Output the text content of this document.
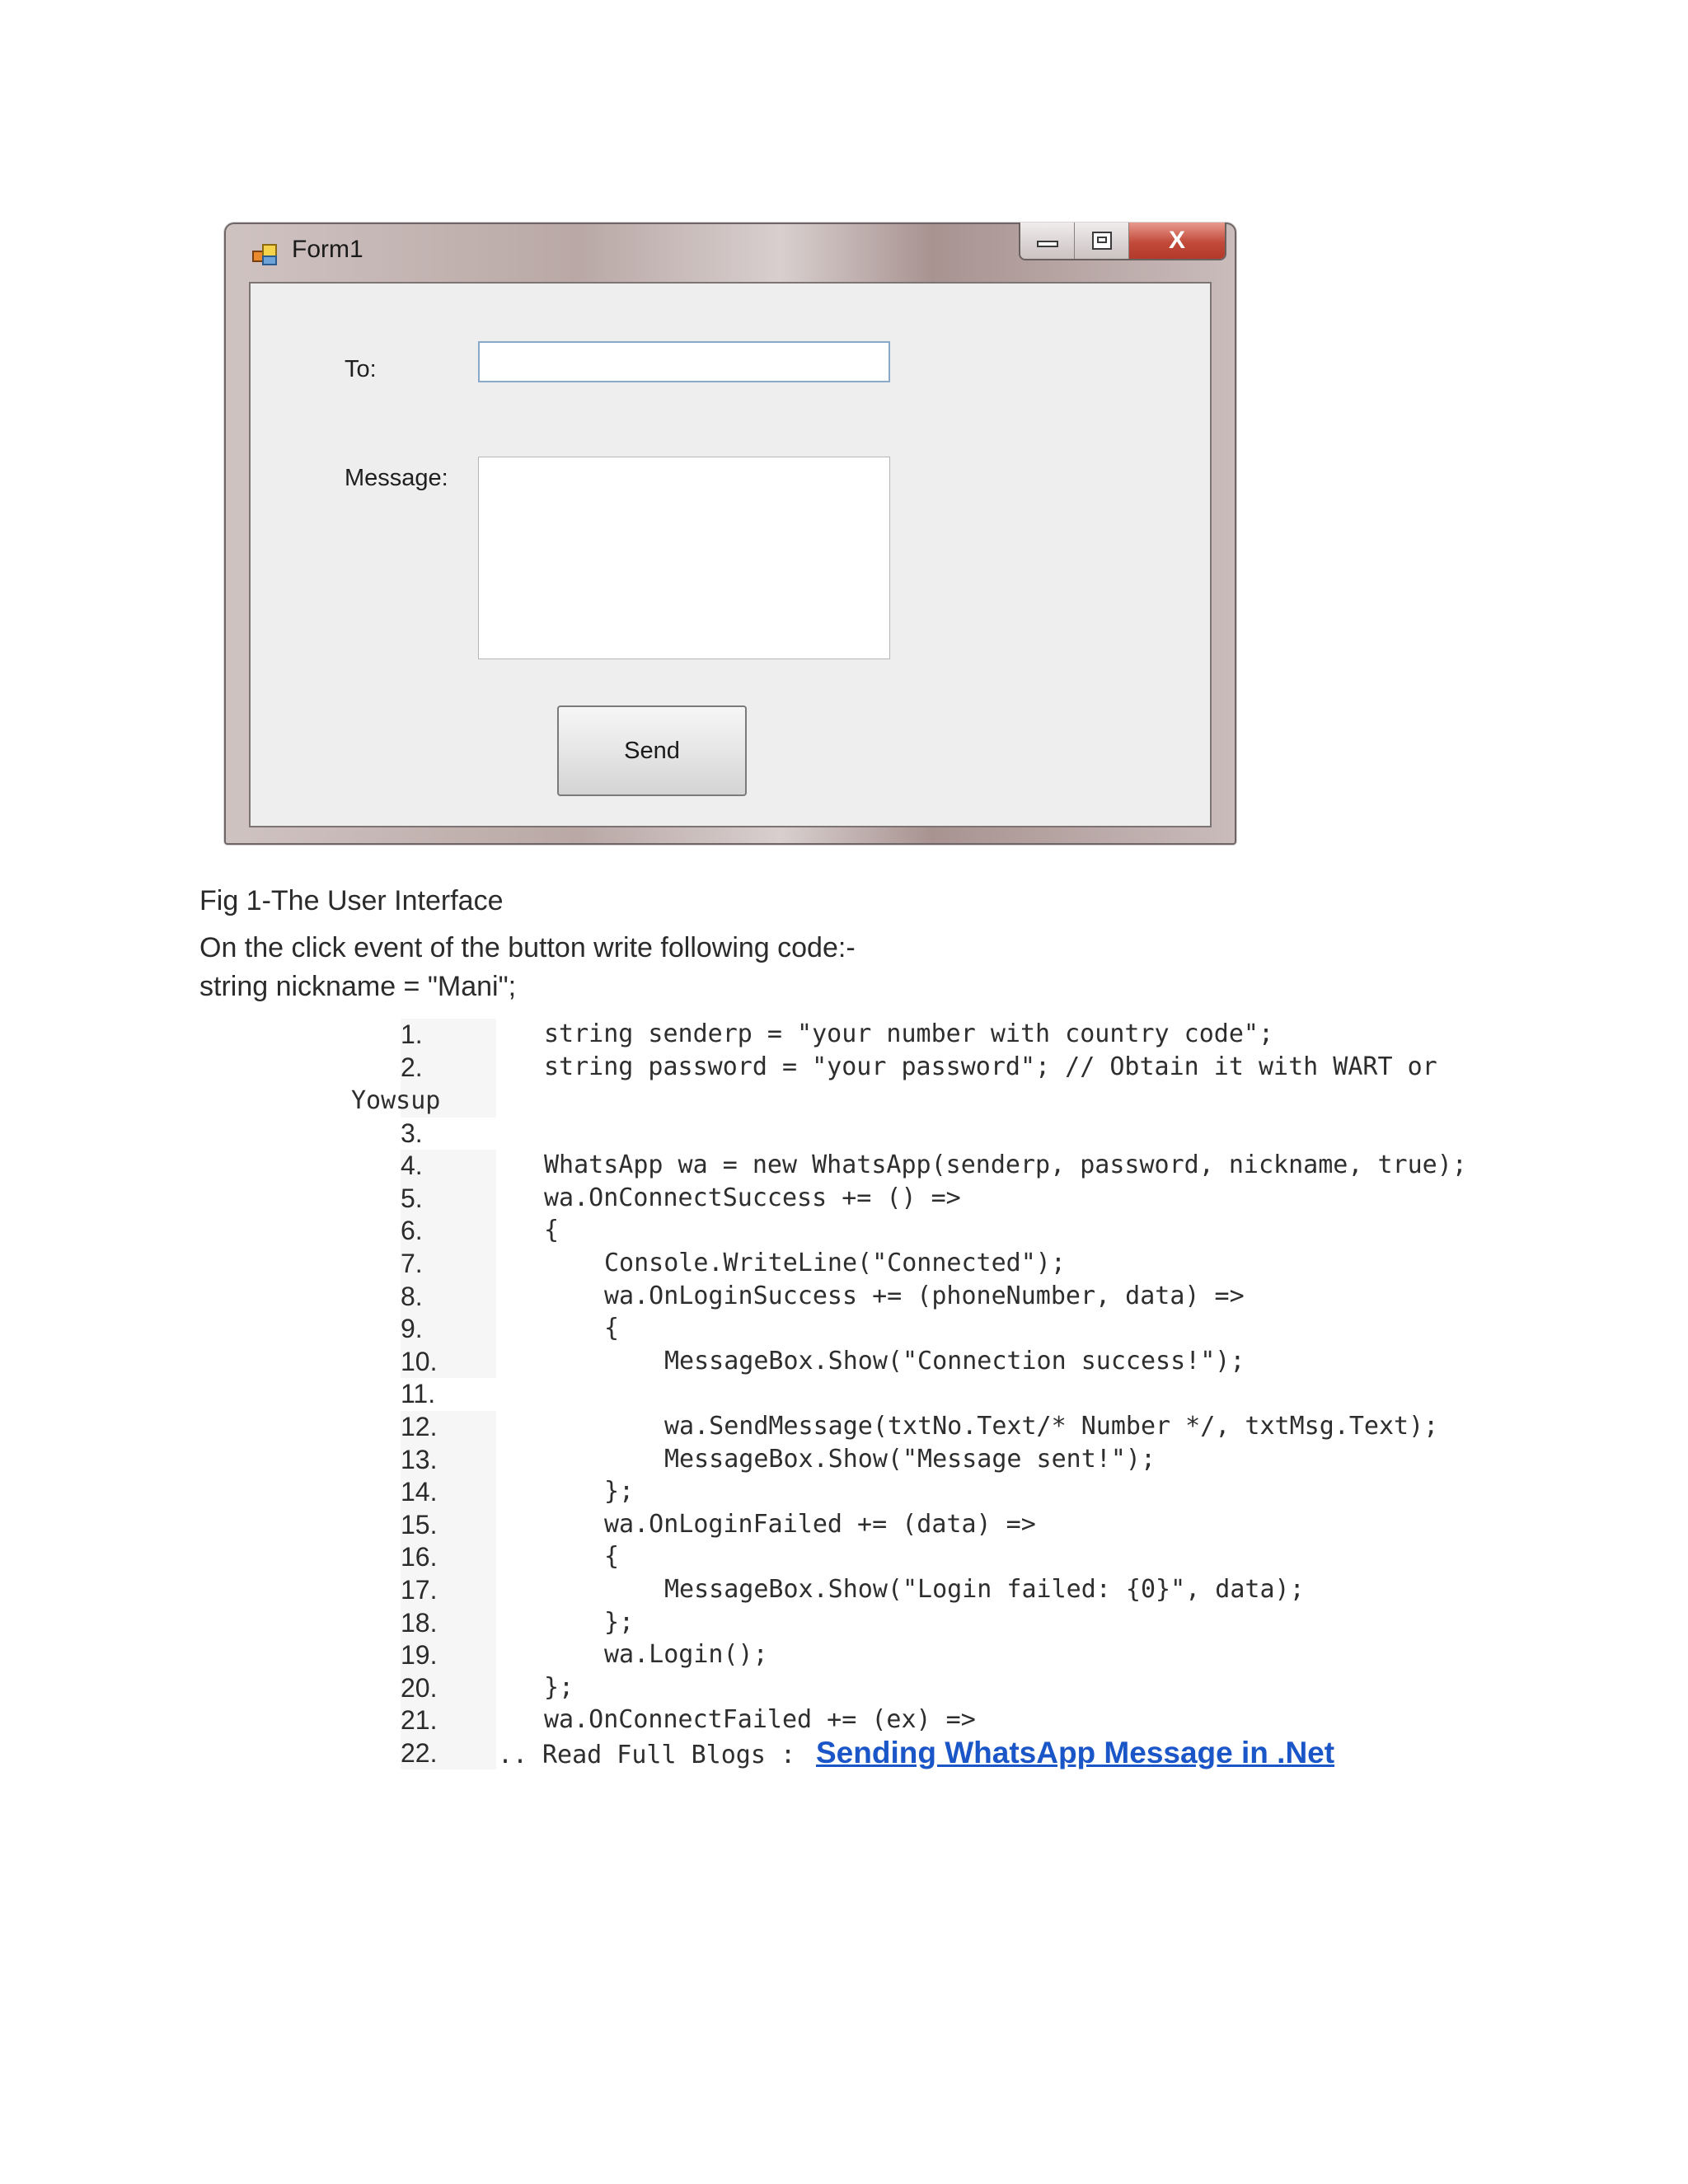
Form1	X
To:
Message:
Send
Fig 1-The User Interface
On the click event of the button write following code:-
string nickname = "Mani";
1.	string senderp = "your number with country code";
2.	string password = "your password"; // Obtain it with WART or
Yowsup
3.
4.	WhatsApp wa = new WhatsApp(senderp, password, nickname, true);
5.	wa.OnConnectSuccess += () =>
6.	{
7.	Console.WriteLine("Connected");
8.	wa.OnLoginSuccess += (phoneNumber, data) =>
9.	{
10.	MessageBox.Show("Connection success!");
11.
12.	wa.SendMessage(txtNo.Text/* Number */, txtMsg.Text);
13.	MessageBox.Show("Message sent!");
14.	};
15.	wa.OnLoginFailed += (data) =>
16.	{
17.	MessageBox.Show("Login failed: {0}", data);
18.	};
19.	wa.Login();
20.	};
21.	wa.OnConnectFailed += (ex) =>
22.	.. Read Full Blogs : Sending WhatsApp Message in .Net
